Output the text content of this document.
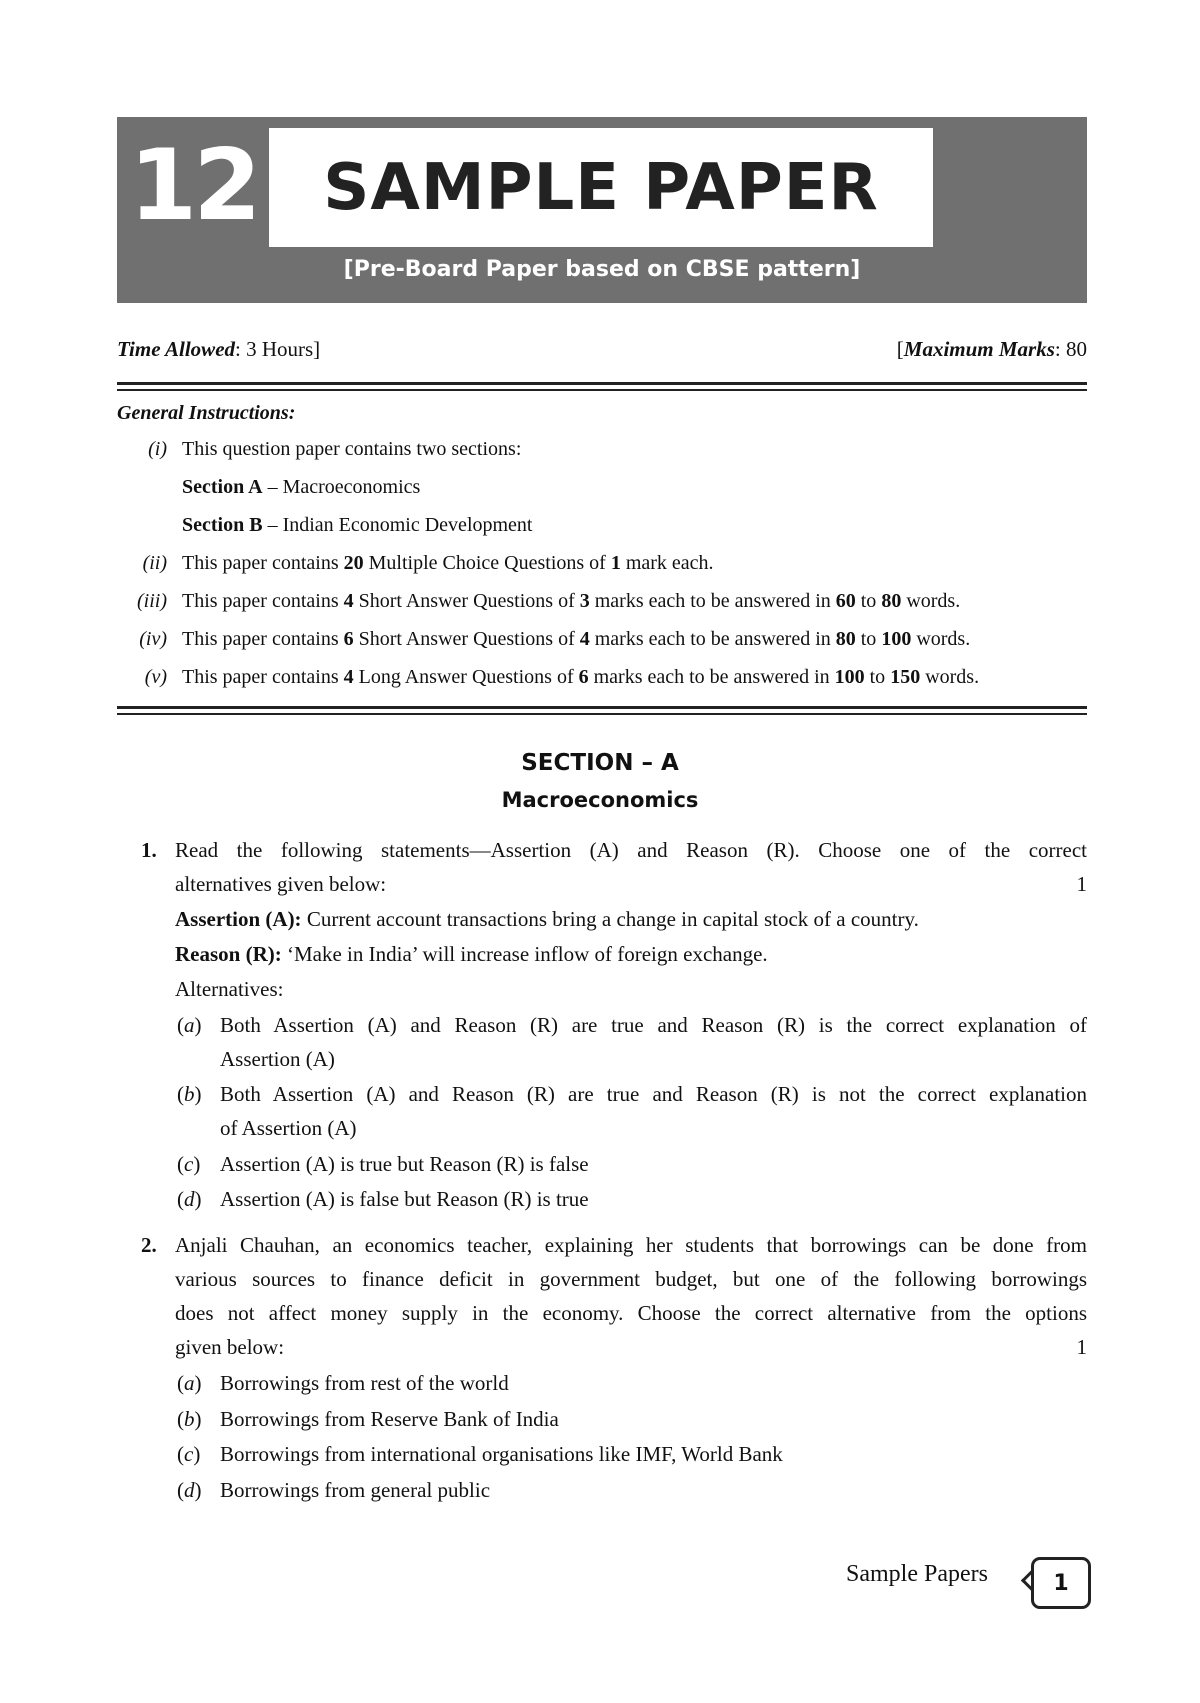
12 SAMPLE PAPER
[Pre-Board Paper based on CBSE pattern]
Time Allowed: 3 Hours]	[Maximum Marks: 80
General Instructions:
(i) This question paper contains two sections:
Section A – Macroeconomics
Section B – Indian Economic Development
(ii) This paper contains 20 Multiple Choice Questions of 1 mark each.
(iii) This paper contains 4 Short Answer Questions of 3 marks each to be answered in 60 to 80 words.
(iv) This paper contains 6 Short Answer Questions of 4 marks each to be answered in 80 to 100 words.
(v) This paper contains 4 Long Answer Questions of 6 marks each to be answered in 100 to 150 words.
SECTION – A
Macroeconomics
1. Read the following statements—Assertion (A) and Reason (R). Choose one of the correct
alternatives given below:	1
Assertion (A): Current account transactions bring a change in capital stock of a country.
Reason (R): ‘Make in India’ will increase inflow of foreign exchange.
Alternatives:
(a) Both Assertion (A) and Reason (R) are true and Reason (R) is the correct explanation of
Assertion (A)
(b) Both Assertion (A) and Reason (R) are true and Reason (R) is not the correct explanation
of Assertion (A)
(c) Assertion (A) is true but Reason (R) is false
(d) Assertion (A) is false but Reason (R) is true
2. Anjali Chauhan, an economics teacher, explaining her students that borrowings can be done from
various sources to finance deficit in government budget, but one of the following borrowings
does not affect money supply in the economy. Choose the correct alternative from the options
given below:	1
(a) Borrowings from rest of the world
(b) Borrowings from Reserve Bank of India
(c) Borrowings from international organisations like IMF, World Bank
(d) Borrowings from general public
Sample Papers	1
